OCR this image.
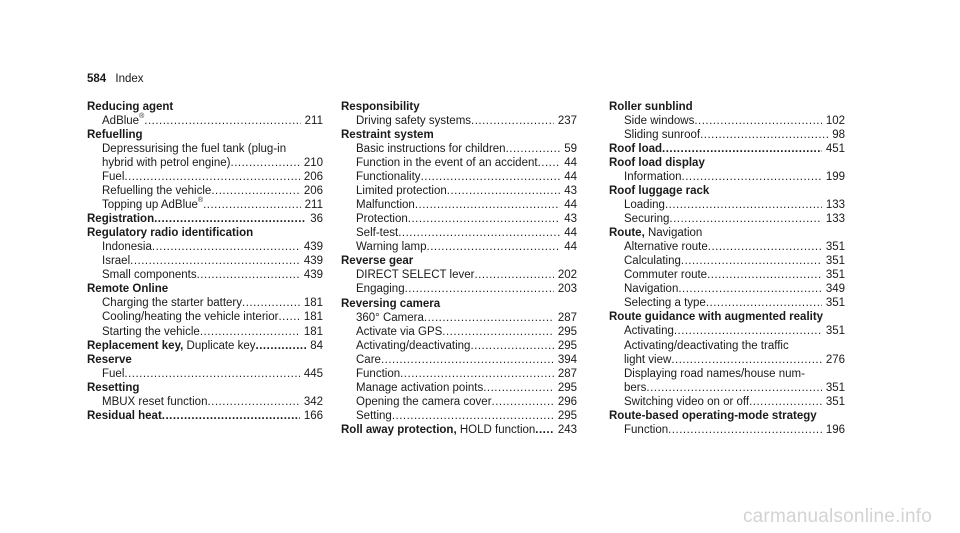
584 Index
Reducing agent
AdBlue® .....	211
Refuelling
Depressurising the fuel tank (plug-in
hybrid with petrol engine) .....	210
Fuel .....	206
Refuelling the vehicle .....	206
Topping up AdBlue® .....	211
Registration .....	36
Regulatory radio identification
Indonesia .....	439
Israel .....	439
Small components .....	439
Remote Online
Charging the starter battery .....	181
Cooling/heating the vehicle interior .....	181
Starting the vehicle .....	181
Replacement key, Duplicate key .....	84
Reserve
Fuel .....	445
Resetting
MBUX reset function .....	342
Residual heat .....	166
Responsibility
Driving safety systems .....	237
Restraint system
Basic instructions for children .....	59
Function in the event of an accident .....	44
Functionality .....	44
Limited protection .....	43
Malfunction .....	44
Protection .....	43
Self-test .....	44
Warning lamp .....	44
Reverse gear
DIRECT SELECT lever .....	202
Engaging .....	203
Reversing camera
360° Camera .....	287
Activate via GPS .....	295
Activating/deactivating .....	295
Care .....	394
Function .....	287
Manage activation points .....	295
Opening the camera cover .....	296
Setting .....	295
Roll away protection, HOLD function .....	243
Roller sunblind
Side windows .....	102
Sliding sunroof .....	98
Roof load .....	451
Roof load display
Information .....	199
Roof luggage rack
Loading .....	133
Securing .....	133
Route, Navigation
Alternative route .....	351
Calculating .....	351
Commuter route .....	351
Navigation .....	349
Selecting a type .....	351
Route guidance with augmented reality
Activating .....	351
Activating/deactivating the traffic
light view .....	276
Displaying road names/house num-
bers .....	351
Switching video on or off .....	351
Route-based operating-mode strategy
Function .....	196
carmanualsonline.info
